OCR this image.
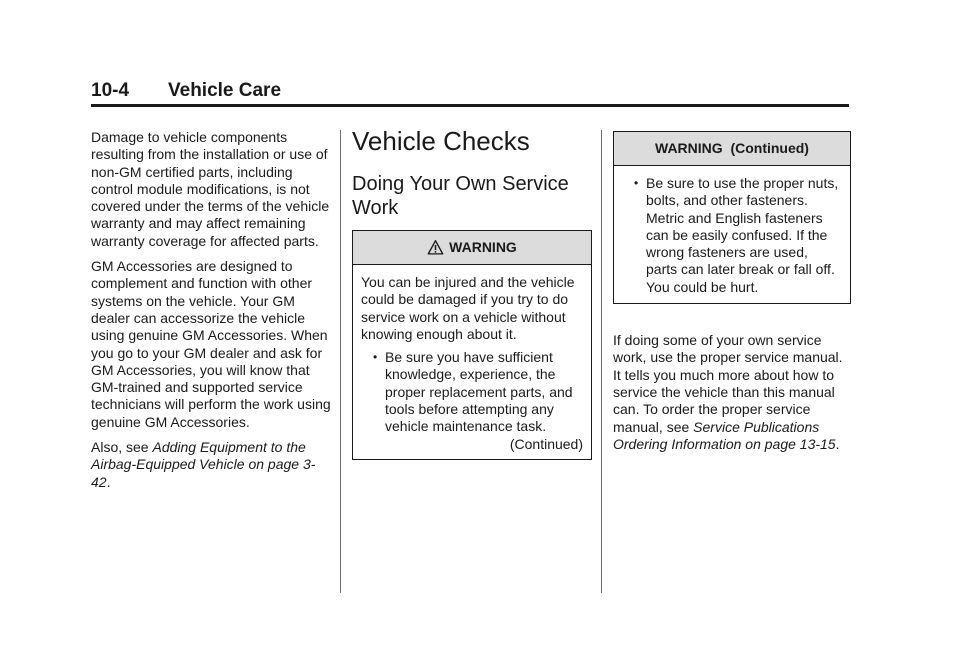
10-4 Vehicle Care

Damage to vehicle components resulting from the installation or use of non-GM certified parts, including control module modifications, is not covered under the terms of the vehicle warranty and may affect remaining warranty coverage for affected parts.

GM Accessories are designed to complement and function with other systems on the vehicle. Your GM dealer can accessorize the vehicle using genuine GM Accessories. When you go to your GM dealer and ask for GM Accessories, you will know that GM-trained and supported service technicians will perform the work using genuine GM Accessories.

Also, see Adding Equipment to the Airbag-Equipped Vehicle on page 3-42.

Vehicle Checks
Doing Your Own Service Work
WARNING

You can be injured and the vehicle could be damaged if you try to do service work on a vehicle without knowing enough about it.

• Be sure you have sufficient knowledge, experience, the proper replacement parts, and tools before attempting any vehicle maintenance task.
(Continued)
WARNING  (Continued)
• Be sure to use the proper nuts, bolts, and other fasteners. Metric and English fasteners can be easily confused. If the wrong fasteners are used, parts can later break or fall off. You could be hurt.

If doing some of your own service work, use the proper service manual. It tells you much more about how to service the vehicle than this manual can. To order the proper service manual, see Service Publications Ordering Information on page 13-15.
